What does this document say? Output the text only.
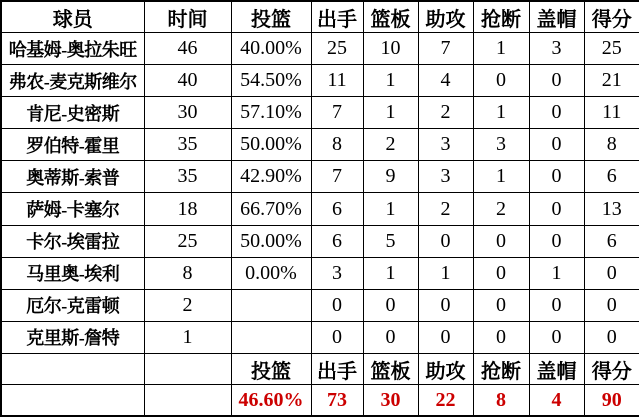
球员	时间	投篮	出手	篮板	助攻	抢断	盖帽	得分
哈基姆-奥拉朱旺	46	40.00%	25	10	7	1	3	25
弗农-麦克斯维尔	40	54.50%	11	1	4	0	0	21
肯尼-史密斯	30	57.10%	7	1	2	1	0	11
罗伯特-霍里	35	50.00%	8	2	3	3	0	8
奥蒂斯-索普	35	42.90%	7	9	3	1	0	6
萨姆-卡塞尔	18	66.70%	6	1	2	2	0	13
卡尔-埃雷拉	25	50.00%	6	5	0	0	0	6
马里奥-埃利	8	0.00%	3	1	1	0	1	0
厄尔-克雷顿	2		0	0	0	0	0	0
克里斯-詹特	1		0	0	0	0	0	0
		投篮	出手	篮板	助攻	抢断	盖帽	得分
		46.60%	73	30	22	8	4	90
